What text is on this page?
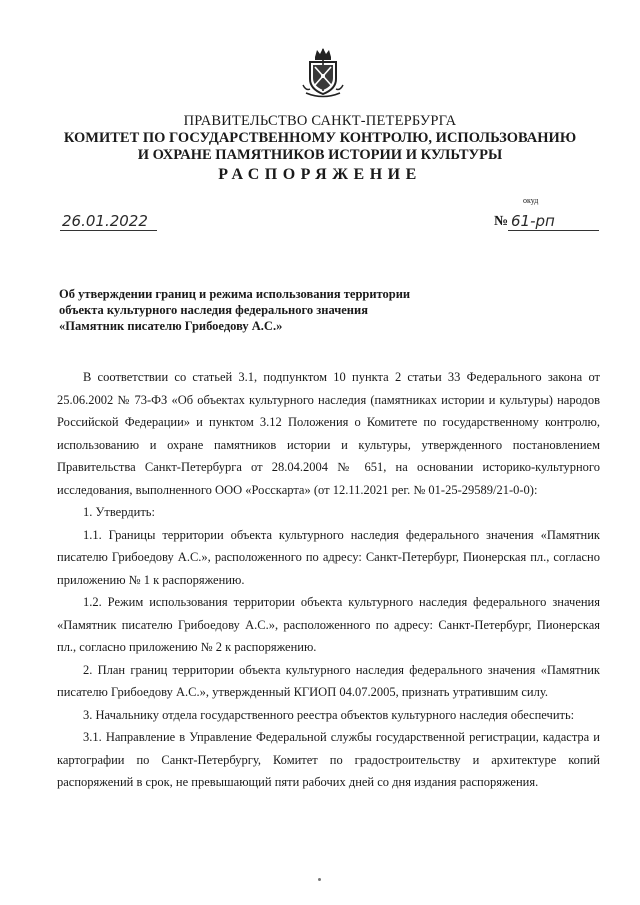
ПРАВИТЕЛЬСТВО САНКТ-ПЕТЕРБУРГА
КОМИТЕТ ПО ГОСУДАРСТВЕННОМУ КОНТРОЛЮ, ИСПОЛЬЗОВАНИЮ
И ОХРАНЕ ПАМЯТНИКОВ ИСТОРИИ И КУЛЬТУРЫ
РАСПОРЯЖЕНИЕ
окуд
26.01.2022	№ 61-рп
Об утверждении границ и режима использования территории
объекта культурного наследия федерального значения
«Памятник писателю Грибоедову А.С.»

В соответствии со статьей 3.1, подпунктом 10 пункта 2 статьи 33 Федерального закона от 25.06.2002 № 73-ФЗ «Об объектах культурного наследия (памятниках истории и культуры) народов Российской Федерации» и пунктом 3.12 Положения о Комитете по государственному контролю, использованию и охране памятников истории и культуры, утвержденного постановлением Правительства Санкт-Петербурга от 28.04.2004 № 651, на основании историко-культурного исследования, выполненного ООО «Росскарта» (от 12.11.2021 рег. № 01-25-29589/21-0-0):

1. Утвердить:

1.1. Границы территории объекта культурного наследия федерального значения «Памятник писателю Грибоедову А.С.», расположенного по адресу: Санкт-Петербург, Пионерская пл., согласно приложению № 1 к распоряжению.

1.2. Режим использования территории объекта культурного наследия федерального значения «Памятник писателю Грибоедову А.С.», расположенного по адресу: Санкт-Петербург, Пионерская пл., согласно приложению № 2 к распоряжению.

2. План границ территории объекта культурного наследия федерального значения «Памятник писателю Грибоедову А.С.», утвержденный КГИОП 04.07.2005, признать утратившим силу.

3. Начальнику отдела государственного реестра объектов культурного наследия обеспечить:

3.1. Направление в Управление Федеральной службы государственной регистрации, кадастра и картографии по Санкт-Петербургу, Комитет по градостроительству и архитектуре копий распоряжений в срок, не превышающий пяти рабочих дней со дня издания распоряжения.
